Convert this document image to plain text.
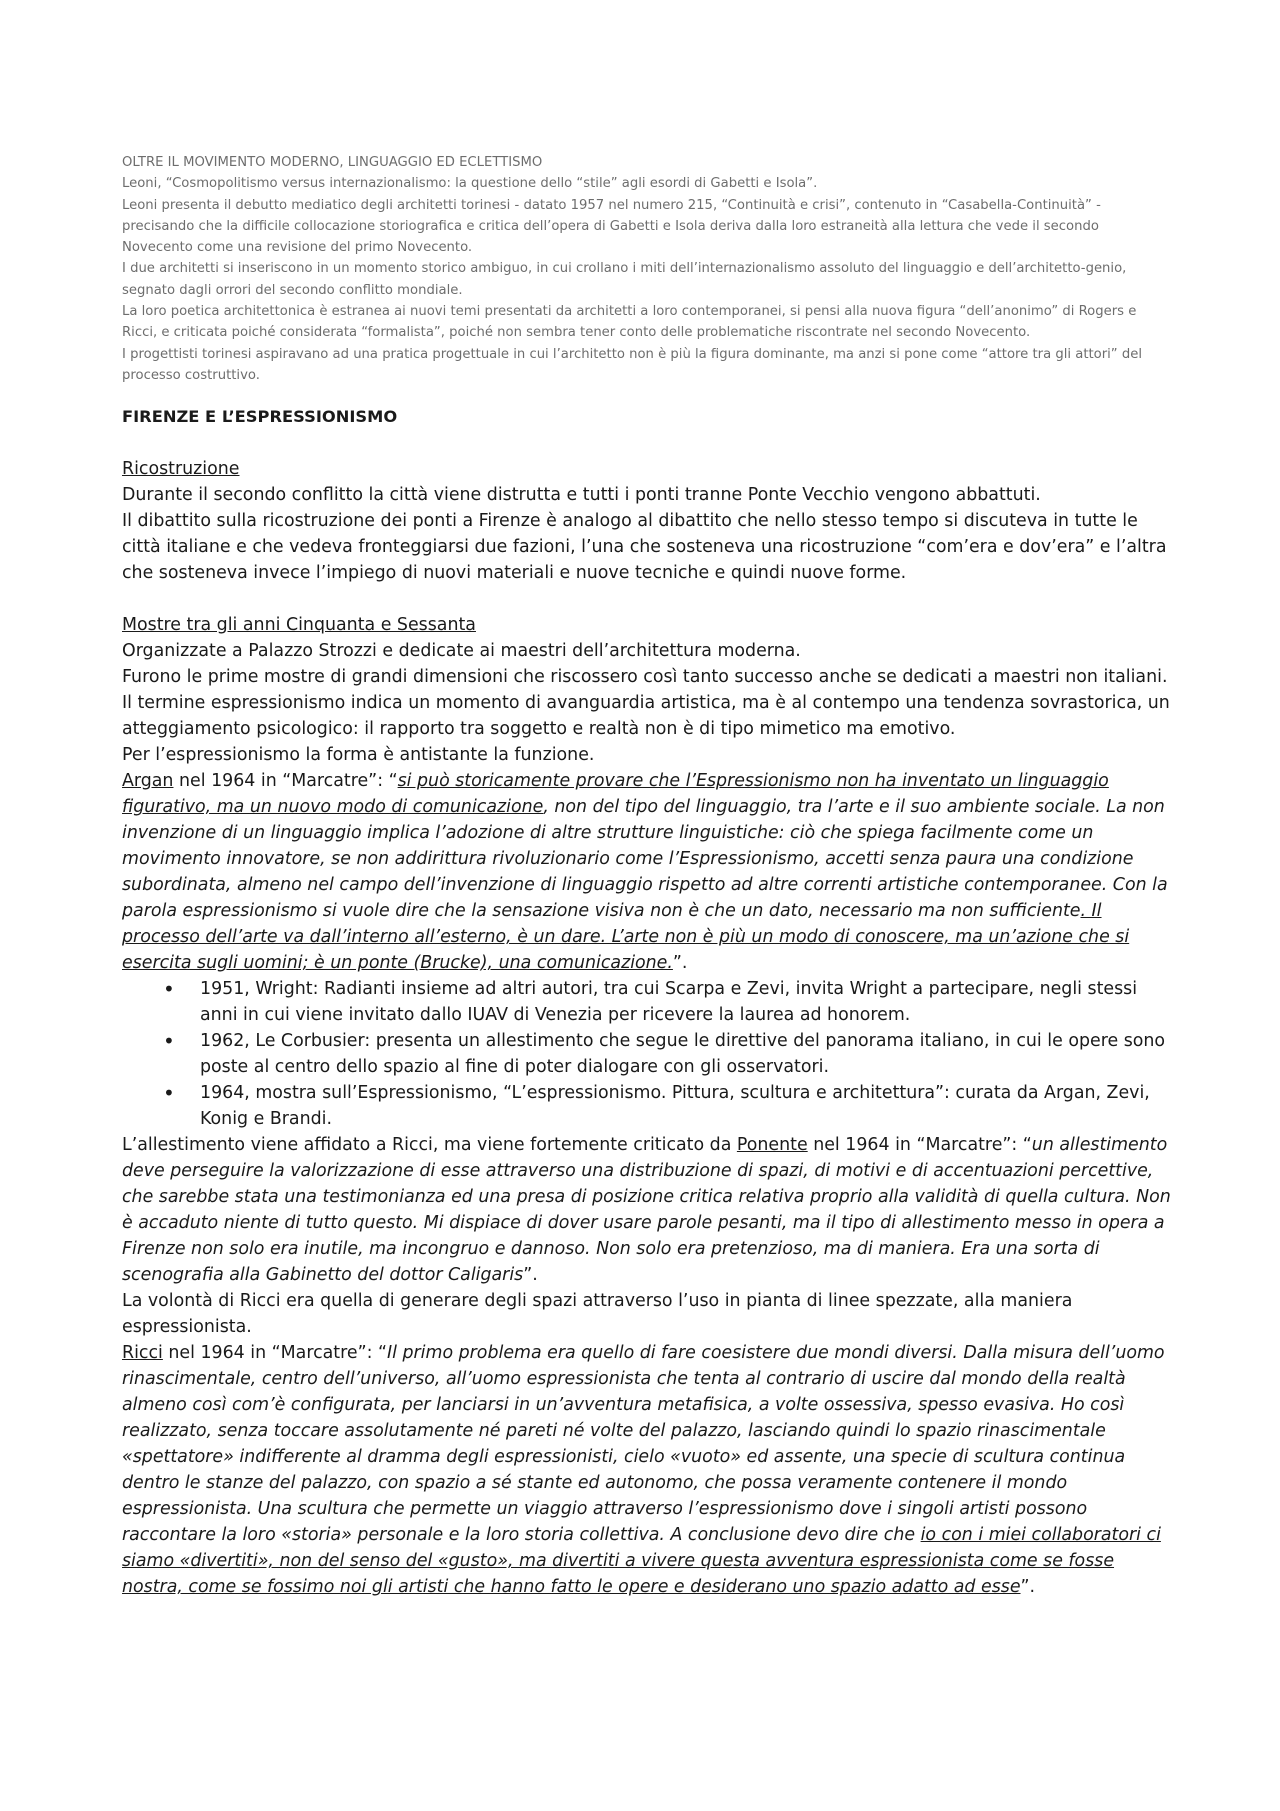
OLTRE IL MOVIMENTO MODERNO, LINGUAGGIO ED ECLETTISMO

Leoni, “Cosmopolitismo versus internazionalismo: la questione dello “stile” agli esordi di Gabetti e Isola”.

Leoni presenta il debutto mediatico degli architetti torinesi - datato 1957 nel numero 215, “Continuità e crisi”, contenuto in “Casabella-Continuità” - precisando che la difficile collocazione storiografica e critica dell’opera di Gabetti e Isola deriva dalla loro estraneità alla lettura che vede il secondo Novecento come una revisione del primo Novecento.

I due architetti si inseriscono in un momento storico ambiguo, in cui crollano i miti dell’internazionalismo assoluto del linguaggio e dell’architetto-genio, segnato dagli orrori del secondo conflitto mondiale.

La loro poetica architettonica è estranea ai nuovi temi presentati da architetti a loro contemporanei, si pensi alla nuova figura “dell’anonimo” di Rogers e Ricci, e criticata poiché considerata “formalista”, poiché non sembra tener conto delle problematiche riscontrate nel secondo Novecento.

I progettisti torinesi aspiravano ad una pratica progettuale in cui l’architetto non è più la figura dominante, ma anzi si pone come “attore tra gli attori” del processo costruttivo.

FIRENZE E L’ESPRESSIONISMO

Ricostruzione

Durante il secondo conflitto la città viene distrutta e tutti i ponti tranne Ponte Vecchio vengono abbattuti.

Il dibattito sulla ricostruzione dei ponti a Firenze è analogo al dibattito che nello stesso tempo si discuteva in tutte le città italiane e che vedeva fronteggiarsi due fazioni, l’una che sosteneva una ricostruzione “com’era e dov’era” e l’altra che sosteneva invece l’impiego di nuovi materiali e nuove tecniche e quindi nuove forme.

Mostre tra gli anni Cinquanta e Sessanta

Organizzate a Palazzo Strozzi e dedicate ai maestri dell’architettura moderna.

Furono le prime mostre di grandi dimensioni che riscossero così tanto successo anche se dedicati a maestri non italiani.

Il termine espressionismo indica un momento di avanguardia artistica, ma è al contempo una tendenza sovrastorica, un atteggiamento psicologico: il rapporto tra soggetto e realtà non è di tipo mimetico ma emotivo.

Per l’espressionismo la forma è antistante la funzione.

Argan nel 1964 in “Marcatre”: “si può storicamente provare che l’Espressionismo non ha inventato un linguaggio figurativo, ma un nuovo modo di comunicazione, non del tipo del linguaggio, tra l’arte e il suo ambiente sociale. La non invenzione di un linguaggio implica l’adozione di altre strutture linguistiche: ciò che spiega facilmente come un movimento innovatore, se non addirittura rivoluzionario come l’Espressionismo, accetti senza paura una condizione subordinata, almeno nel campo dell’invenzione di linguaggio rispetto ad altre correnti artistiche contemporanee. Con la parola espressionismo si vuole dire che la sensazione visiva non è che un dato, necessario ma non sufficiente. Il processo dell’arte va dall’interno all’esterno, è un dare. L’arte non è più un modo di conoscere, ma un’azione che si esercita sugli uomini; è un ponte (Brucke), una comunicazione.”.

• 1951, Wright: Radianti insieme ad altri autori, tra cui Scarpa e Zevi, invita Wright a partecipare, negli stessi anni in cui viene invitato dallo IUAV di Venezia per ricevere la laurea ad honorem.
• 1962, Le Corbusier: presenta un allestimento che segue le direttive del panorama italiano, in cui le opere sono poste al centro dello spazio al fine di poter dialogare con gli osservatori.
• 1964, mostra sull’Espressionismo, “L’espressionismo. Pittura, scultura e architettura”: curata da Argan, Zevi, Konig e Brandi.

L’allestimento viene affidato a Ricci, ma viene fortemente criticato da Ponente nel 1964 in “Marcatre”: “un allestimento deve perseguire la valorizzazione di esse attraverso una distribuzione di spazi, di motivi e di accentuazioni percettive, che sarebbe stata una testimonianza ed una presa di posizione critica relativa proprio alla validità di quella cultura. Non è accaduto niente di tutto questo. Mi dispiace di dover usare parole pesanti, ma il tipo di allestimento messo in opera a Firenze non solo era inutile, ma incongruo e dannoso. Non solo era pretenzioso, ma di maniera. Era una sorta di scenografia alla Gabinetto del dottor Caligaris”.

La volontà di Ricci era quella di generare degli spazi attraverso l’uso in pianta di linee spezzate, alla maniera espressionista.

Ricci nel 1964 in “Marcatre”: “Il primo problema era quello di fare coesistere due mondi diversi. Dalla misura dell’uomo rinascimentale, centro dell’universo, all’uomo espressionista che tenta al contrario di uscire dal mondo della realtà almeno così com’è configurata, per lanciarsi in un’avventura metafisica, a volte ossessiva, spesso evasiva. Ho così realizzato, senza toccare assolutamente né pareti né volte del palazzo, lasciando quindi lo spazio rinascimentale «spettatore» indifferente al dramma degli espressionisti, cielo «vuoto» ed assente, una specie di scultura continua dentro le stanze del palazzo, con spazio a sé stante ed autonomo, che possa veramente contenere il mondo espressionista. Una scultura che permette un viaggio attraverso l’espressionismo dove i singoli artisti possono raccontare la loro «storia» personale e la loro storia collettiva. A conclusione devo dire che io con i miei collaboratori ci siamo «divertiti», non del senso del «gusto», ma divertiti a vivere questa avventura espressionista come se fosse nostra, come se fossimo noi gli artisti che hanno fatto le opere e desiderano uno spazio adatto ad esse”.
